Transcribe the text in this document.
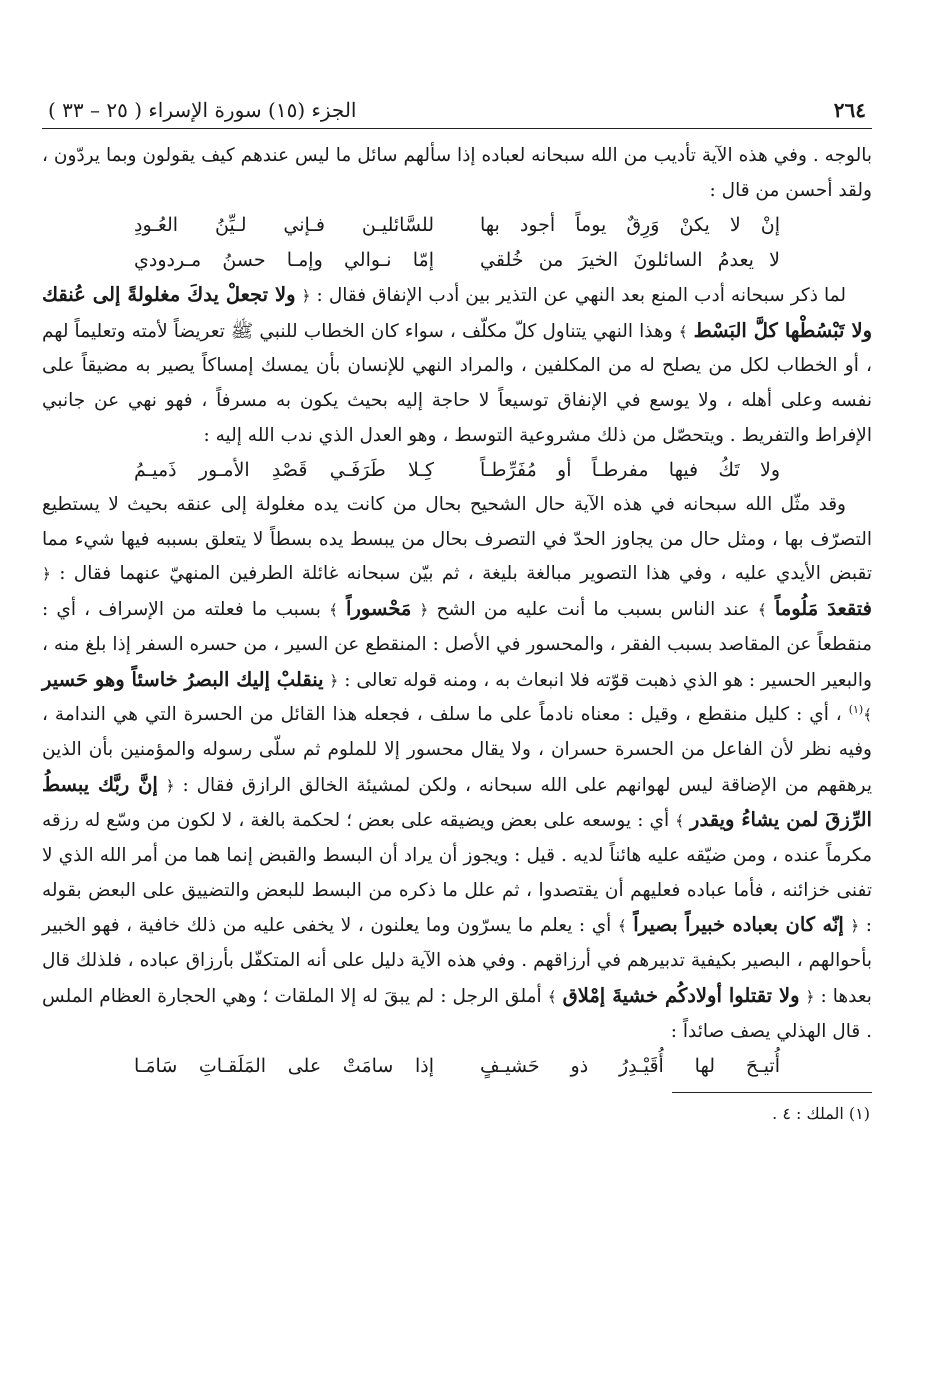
٢٦٤
الجزء (١٥) سورة الإسراء ( ٢٥ – ٣٣ )

بالوجه . وفي هذه الآية تأديب من الله سبحانه لعباده إذا سألهم سائل ما ليس عندهم كيف يقولون وبما يردّون ، ولقد أحسن من قال :

إنْ لا يكنْ وَرِقٌ يوماً أجود بها
للسَّائليـن فـإني لـيِّنُ العُـودِ
لا يعدمُ السائلونَ الخيرَ من خُلقي
إمّا نـوالي وإمـا حسنُ مـردودي

لما ذكر سبحانه أدب المنع بعد النهي عن التذير بين أدب الإنفاق فقال : ﴿ ولا تجعلْ يدكَ مغلولةً إلى عُنقك ولا تَبْسُطْها كلَّ البَسْط ﴾ وهذا النهي يتناول كلّ مكلّف ، سواء كان الخطاب للنبي ﷺ تعريضاً لأمته وتعليماً لهم ، أو الخطاب لكل من يصلح له من المكلفين ، والمراد النهي للإنسان بأن يمسك إمساكاً يصير به مضيقاً على نفسه وعلى أهله ، ولا يوسع في الإنفاق توسيعاً لا حاجة إليه بحيث يكون به مسرفاً ، فهو نهي عن جانبي الإفراط والتفريط . ويتحصّل من ذلك مشروعية التوسط ، وهو العدل الذي ندب الله إليه :

ولا تَكُ فيها مفرطـاً أو مُفَرِّطـاً
كِـلا طَرَفَـي قَصْدِ الأمـور ذَميـمُ

وقد مثّل الله سبحانه في هذه الآية حال الشحيح بحال من كانت يده مغلولة إلى عنقه بحيث لا يستطيع التصرّف بها ، ومثل حال من يجاوز الحدّ في التصرف بحال من يبسط يده بسطاً لا يتعلق بسببه فيها شيء مما تقبض الأيدي عليه ، وفي هذا التصوير مبالغة بليغة ، ثم بيّن سبحانه غائلة الطرفين المنهيّ عنهما فقال : ﴿ فتقعدَ مَلُوماً ﴾ عند الناس بسبب ما أنت عليه من الشح ﴿ مَحْسوراً ﴾ بسبب ما فعلته من الإسراف ، أي : منقطعاً عن المقاصد بسبب الفقر ، والمحسور في الأصل : المنقطع عن السير ، من حسره السفر إذا بلغ منه ، والبعير الحسير : هو الذي ذهبت قوّته فلا انبعاث به ، ومنه قوله تعالى : ﴿ ينقلبْ إليك البصرُ خاسئاً وهو حَسير ﴾$^{(١)}$ ، أي : كليل منقطع ، وقيل : معناه نادماً على ما سلف ، فجعله هذا القائل من الحسرة التي هي الندامة ، وفيه نظر لأن الفاعل من الحسرة حسران ، ولا يقال محسور إلا للملوم ثم سلّى رسوله والمؤمنين بأن الذين يرهقهم من الإضاقة ليس لهوانهم على الله سبحانه ، ولكن لمشيئة الخالق الرازق فقال : ﴿ إنَّ ربَّك يبسطُ الرِّزقَ لمن يشاءُ ويقدر ﴾ أي : يوسعه على بعض ويضيقه على بعض ؛ لحكمة بالغة ، لا لكون من وسّع له رزقه مكرماً عنده ، ومن ضيّقه عليه هائناً لديه . قيل : ويجوز أن يراد أن البسط والقبض إنما هما من أمر الله الذي لا تفنى خزائنه ، فأما عباده فعليهم أن يقتصدوا ، ثم علل ما ذكره من البسط للبعض والتضييق على البعض بقوله : ﴿ إنّه كان بعباده خبيراً بصيراً ﴾ أي : يعلم ما يسرّون وما يعلنون ، لا يخفى عليه من ذلك خافية ، فهو الخبير بأحوالهم ، البصير بكيفية تدبيرهم في أرزاقهم . وفي هذه الآية دليل على أنه المتكفّل بأرزاق عباده ، فلذلك قال بعدها : ﴿ ولا تقتلوا أولادكُم خشيةَ إمْلاق ﴾ أملق الرجل : لم يبقَ له إلا الملقات ؛ وهي الحجارة العظام الملس . قال الهذلي يصف صائداً :

أُتيـحَ لها أُقَيْـدِرُ ذو حَشيـفٍ
إذا سامَتْ على المَلَقـاتِ سَامَـا
(١) الملك : ٤ .
